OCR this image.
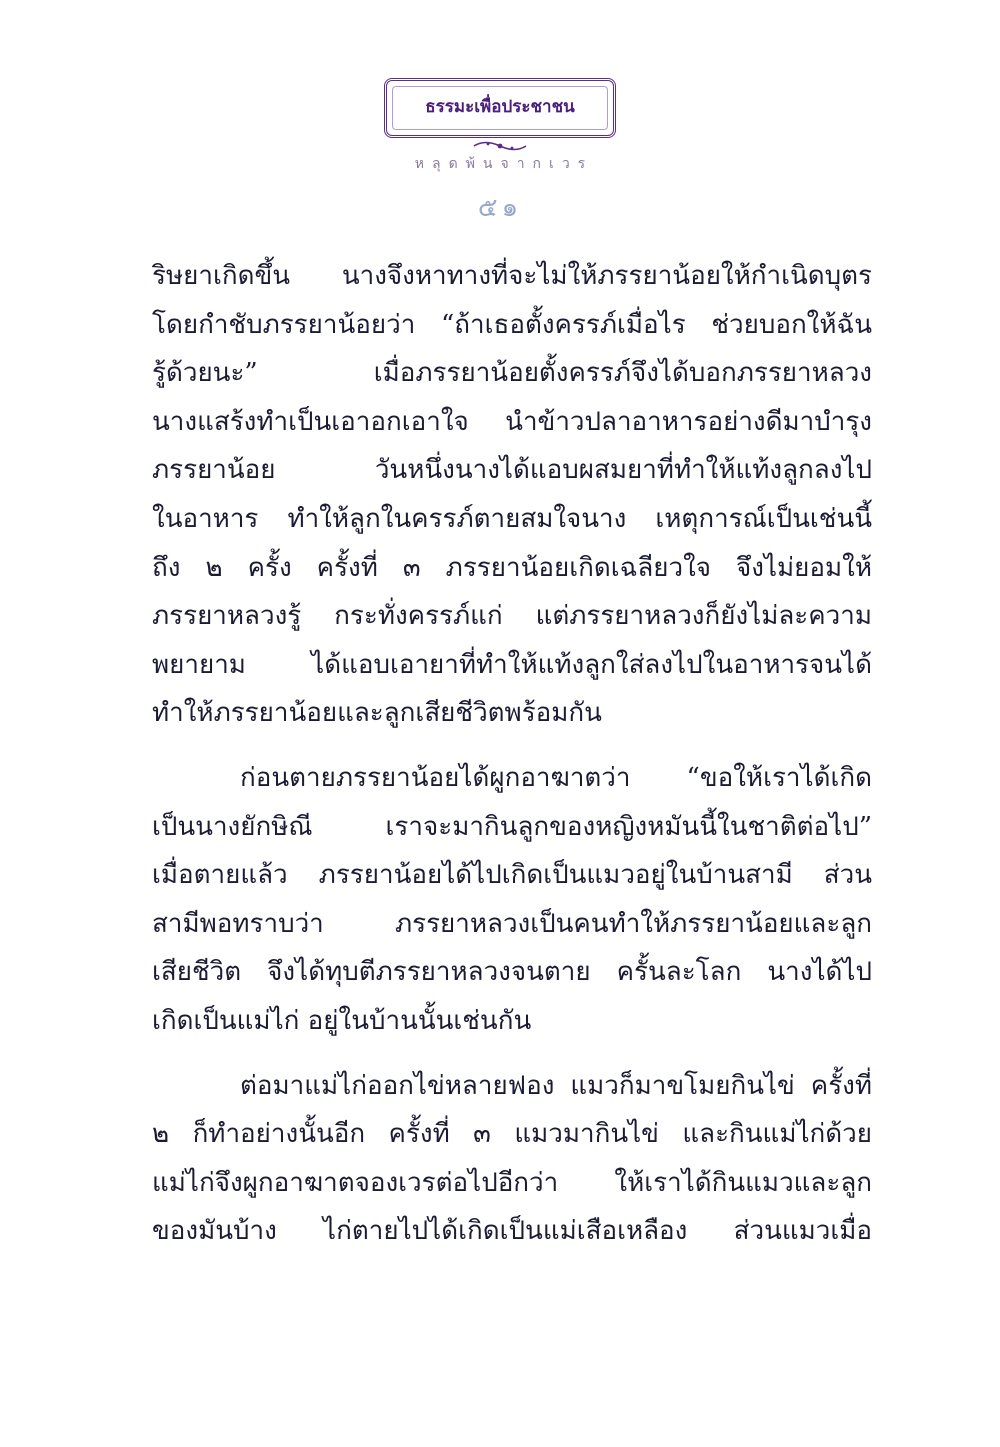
ธรรมะเพื่อประชาชน
หลุดพ้นจากเวร
๕๑
ริษยาเกิดขึ้น นางจึงหาทางที่จะไม่ให้ภรรยาน้อยให้กำเนิดบุตร
โดยกำชับภรรยาน้อยว่า “ถ้าเธอตั้งครรภ์เมื่อไร ช่วยบอกให้ฉัน
รู้ด้วยนะ” เมื่อภรรยาน้อยตั้งครรภ์จึงได้บอกภรรยาหลวง
นางแสร้งทำเป็นเอาอกเอาใจ นำข้าวปลาอาหารอย่างดีมาบำรุง
ภรรยาน้อย วันหนึ่งนางได้แอบผสมยาที่ทำให้แท้งลูกลงไป
ในอาหาร ทำให้ลูกในครรภ์ตายสมใจนาง เหตุการณ์เป็นเช่นนี้
ถึง ๒ ครั้ง ครั้งที่ ๓ ภรรยาน้อยเกิดเฉลียวใจ จึงไม่ยอมให้
ภรรยาหลวงรู้ กระทั่งครรภ์แก่ แต่ภรรยาหลวงก็ยังไม่ละความ
พยายาม ได้แอบเอายาที่ทำให้แท้งลูกใส่ลงไปในอาหารจนได้
ทำให้ภรรยาน้อยและลูกเสียชีวิตพร้อมกัน
ก่อนตายภรรยาน้อยได้ผูกอาฆาตว่า “ขอให้เราได้เกิด
เป็นนางยักษิณี เราจะมากินลูกของหญิงหมันนี้ในชาติต่อไป”
เมื่อตายแล้ว ภรรยาน้อยได้ไปเกิดเป็นแมวอยู่ในบ้านสามี ส่วน
สามีพอทราบว่า ภรรยาหลวงเป็นคนทำให้ภรรยาน้อยและลูก
เสียชีวิต จึงได้ทุบตีภรรยาหลวงจนตาย ครั้นละโลก นางได้ไป
เกิดเป็นแม่ไก่ อยู่ในบ้านนั้นเช่นกัน
ต่อมาแม่ไก่ออกไข่หลายฟอง แมวก็มาขโมยกินไข่ ครั้งที่
๒ ก็ทำอย่างนั้นอีก ครั้งที่ ๓ แมวมากินไข่ และกินแม่ไก่ด้วย
แม่ไก่จึงผูกอาฆาตจองเวรต่อไปอีกว่า ให้เราได้กินแมวและลูก
ของมันบ้าง ไก่ตายไปได้เกิดเป็นแม่เสือเหลือง ส่วนแมวเมื่อ
